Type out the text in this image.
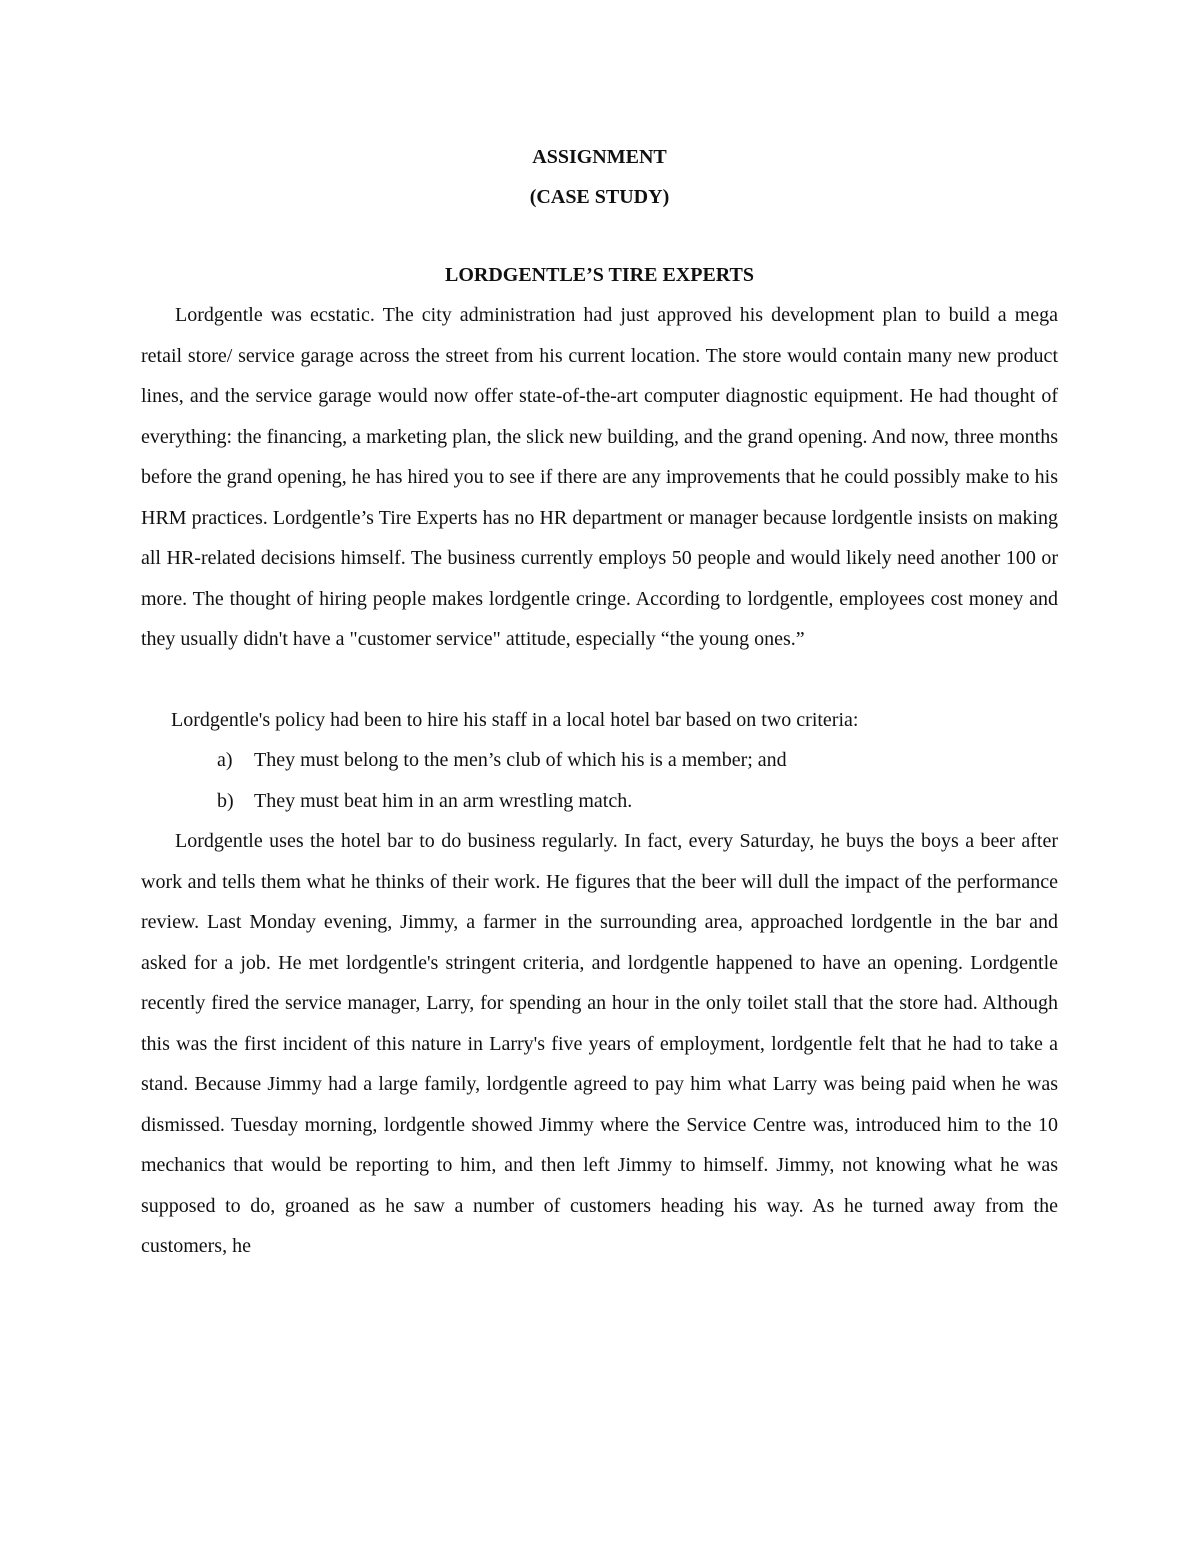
ASSIGNMENT

(CASE STUDY)

LORDGENTLE’S TIRE EXPERTS

Lordgentle was ecstatic. The city administration had just approved his development plan to build a mega retail store/ service garage across the street from his current location. The store would contain many new product lines, and the service garage would now offer state-of-the-art computer diagnostic equipment. He had thought of everything: the financing, a marketing plan, the slick new building, and the grand opening. And now, three months before the grand opening, he has hired you to see if there are any improvements that he could possibly make to his HRM practices. Lordgentle’s Tire Experts has no HR department or manager because lordgentle insists on making all HR-related decisions himself. The business currently employs 50 people and would likely need another 100 or more. The thought of hiring people makes lordgentle cringe. According to lordgentle, employees cost money and they usually didn't have a "customer service" attitude, especially “the young ones.”

Lordgentle's policy had been to hire his staff in a local hotel bar based on two criteria:

a) They must belong to the men’s club of which his is a member; and
b) They must beat him in an arm wrestling match.

Lordgentle uses the hotel bar to do business regularly. In fact, every Saturday, he buys the boys a beer after work and tells them what he thinks of their work. He figures that the beer will dull the impact of the performance review. Last Monday evening, Jimmy, a farmer in the surrounding area, approached lordgentle in the bar and asked for a job. He met lordgentle's stringent criteria, and lordgentle happened to have an opening. Lordgentle recently fired the service manager, Larry, for spending an hour in the only toilet stall that the store had. Although this was the first incident of this nature in Larry's five years of employment, lordgentle felt that he had to take a stand. Because Jimmy had a large family, lordgentle agreed to pay him what Larry was being paid when he was dismissed. Tuesday morning, lordgentle showed Jimmy where the Service Centre was, introduced him to the 10 mechanics that would be reporting to him, and then left Jimmy to himself. Jimmy, not knowing what he was supposed to do, groaned as he saw a number of customers heading his way. As he turned away from the customers, he
